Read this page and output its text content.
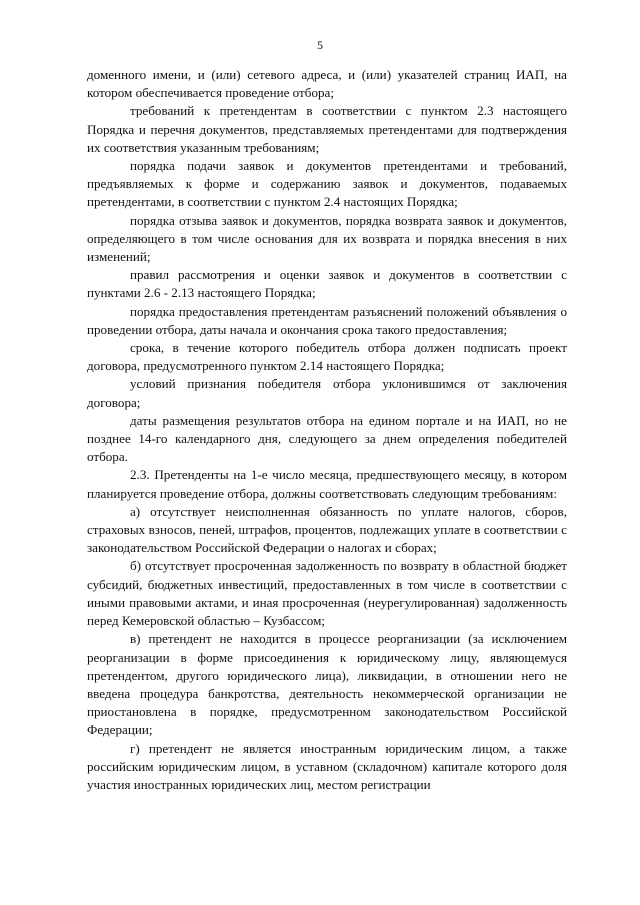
5

доменного имени, и (или) сетевого адреса, и (или) указателей страниц ИАП, на котором обеспечивается проведение отбора;

требований к претендентам в соответствии с пунктом 2.3 настоящего Порядка и перечня документов, представляемых претендентами для подтверждения их соответствия указанным требованиям;

порядка подачи заявок и документов претендентами и требований, предъявляемых к форме и содержанию заявок и документов, подаваемых претендентами, в соответствии с пунктом 2.4 настоящих Порядка;

порядка отзыва заявок и документов, порядка возврата заявок и документов, определяющего в том числе основания для их возврата и порядка внесения в них изменений;

правил рассмотрения и оценки заявок и документов в соответствии с пунктами 2.6 - 2.13 настоящего Порядка;

порядка предоставления претендентам разъяснений положений объявления о проведении отбора, даты начала и окончания срока такого предоставления;

срока, в течение которого победитель отбора должен подписать проект договора, предусмотренного пунктом 2.14 настоящего Порядка;

условий признания победителя отбора уклонившимся от заключения договора;

даты размещения результатов отбора на едином портале и на ИАП, но не позднее 14-го календарного дня, следующего за днем определения победителей отбора.

2.3. Претенденты на 1-е число месяца, предшествующего месяцу, в котором планируется проведение отбора, должны соответствовать следующим требованиям:

а) отсутствует неисполненная обязанность по уплате налогов, сборов, страховых взносов, пеней, штрафов, процентов, подлежащих уплате в соответствии с законодательством Российской Федерации о налогах и сборах;

б) отсутствует просроченная задолженность по возврату в областной бюджет субсидий, бюджетных инвестиций, предоставленных в том числе в соответствии с иными правовыми актами, и иная просроченная (неурегулированная) задолженность перед Кемеровской областью – Кузбассом;

в) претендент не находится в процессе реорганизации (за исключением реорганизации в форме присоединения к юридическому лицу, являющемуся претендентом, другого юридического лица), ликвидации, в отношении него не введена процедура банкротства, деятельность некоммерческой организации не приостановлена в порядке, предусмотренном законодательством Российской Федерации;

г) претендент не является иностранным юридическим лицом, а также российским юридическим лицом, в уставном (складочном) капитале которого доля участия иностранных юридических лиц, местом регистрации
